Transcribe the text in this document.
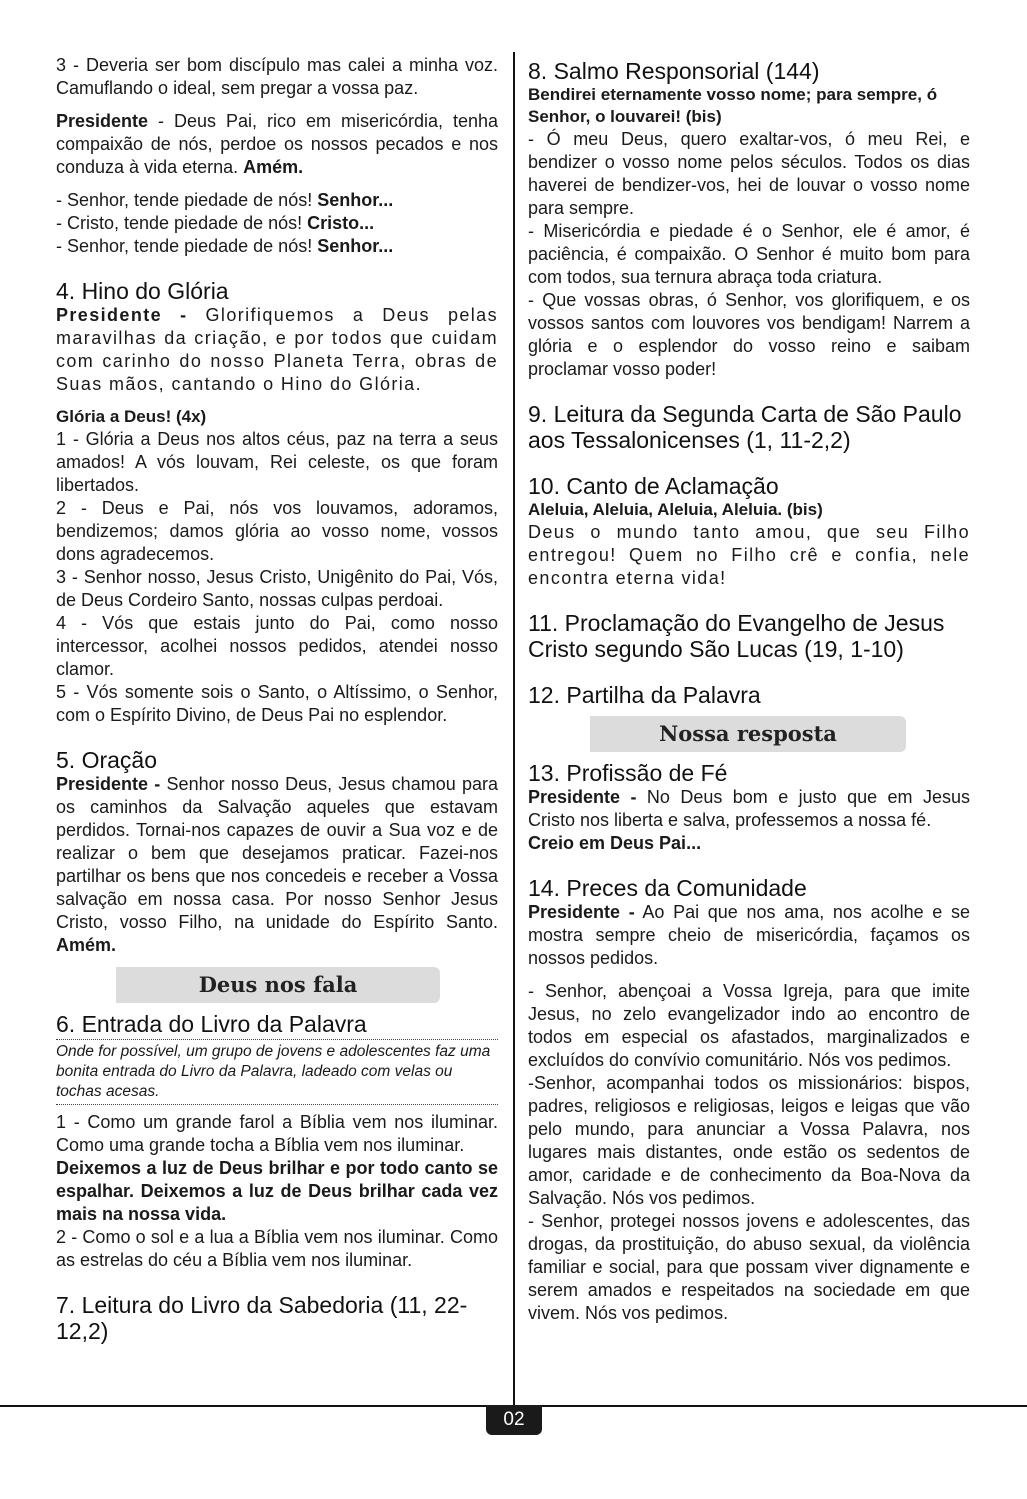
3 - Deveria ser bom discípulo mas calei a minha voz. Camuflando o ideal, sem pregar a vossa paz.

Presidente - Deus Pai, rico em misericórdia, tenha compaixão de nós, perdoe os nossos pecados e nos conduza à vida eterna. Amém.

- Senhor, tende piedade de nós! Senhor...

- Cristo, tende piedade de nós! Cristo...

- Senhor, tende piedade de nós! Senhor...

4. Hino do Glória

Presidente - Glorifiquemos a Deus pelas maravilhas da criação, e por todos que cuidam com carinho do nosso Planeta Terra, obras de Suas mãos, cantando o Hino do Glória.

Glória a Deus! (4x)

1 - Glória a Deus nos altos céus, paz na terra a seus amados! A vós louvam, Rei celeste, os que foram libertados.

2 - Deus e Pai, nós vos louvamos, adoramos, bendizemos; damos glória ao vosso nome, vossos dons agradecemos.

3 - Senhor nosso, Jesus Cristo, Unigênito do Pai, Vós, de Deus Cordeiro Santo, nossas culpas perdoai.

4 - Vós que estais junto do Pai, como nosso intercessor, acolhei nossos pedidos, atendei nosso clamor.

5 - Vós somente sois o Santo, o Altíssimo, o Senhor, com o Espírito Divino, de Deus Pai no esplendor.

5. Oração

Presidente - Senhor nosso Deus, Jesus chamou para os caminhos da Salvação aqueles que estavam perdidos. Tornai-nos capazes de ouvir a Sua voz e de realizar o bem que desejamos praticar. Fazei-nos partilhar os bens que nos concedeis e receber a Vossa salvação em nossa casa. Por nosso Senhor Jesus Cristo, vosso Filho, na unidade do Espírito Santo. Amém.

Deus nos fala
6. Entrada do Livro da Palavra

Onde for possível, um grupo de jovens e adolescentes faz uma bonita entrada do Livro da Palavra, ladeado com velas ou tochas acesas.

1 - Como um grande farol a Bíblia vem nos iluminar. Como uma grande tocha a Bíblia vem nos iluminar.

Deixemos a luz de Deus brilhar e por todo canto se espalhar. Deixemos a luz de Deus brilhar cada vez mais na nossa vida.

2 - Como o sol e a lua a Bíblia vem nos iluminar. Como as estrelas do céu a Bíblia vem nos iluminar.

7. Leitura do Livro da Sabedoria (11, 22-12,2)
8. Salmo Responsorial (144)

Bendirei eternamente vosso nome; para sempre, ó Senhor, o louvarei! (bis)

- Ó meu Deus, quero exaltar-vos, ó meu Rei, e bendizer o vosso nome pelos séculos. Todos os dias haverei de bendizer-vos, hei de louvar o vosso nome para sempre.

- Misericórdia e piedade é o Senhor, ele é amor, é paciência, é compaixão. O Senhor é muito bom para com todos, sua ternura abraça toda criatura.

- Que vossas obras, ó Senhor, vos glorifiquem, e os vossos santos com louvores vos bendigam! Narrem a glória e o esplendor do vosso reino e saibam proclamar vosso poder!

9. Leitura da Segunda Carta de São Paulo aos Tessalonicenses (1, 11-2,2)
10. Canto de Aclamação

Aleluia, Aleluia, Aleluia, Aleluia. (bis)

Deus o mundo tanto amou, que seu Filho entregou! Quem no Filho crê e confia, nele encontra eterna vida!

11. Proclamação do Evangelho de Jesus Cristo segundo São Lucas (19, 1-10)
12. Partilha da Palavra
Nossa resposta
13. Profissão de Fé

Presidente - No Deus bom e justo que em Jesus Cristo nos liberta e salva, professemos a nossa fé.

Creio em Deus Pai...

14. Preces da Comunidade

Presidente - Ao Pai que nos ama, nos acolhe e se mostra sempre cheio de misericórdia, façamos os nossos pedidos.

- Senhor, abençoai a Vossa Igreja, para que imite Jesus, no zelo evangelizador indo ao encontro de todos em especial os afastados, marginalizados e excluídos do convívio comunitário. Nós vos pedimos.

-Senhor, acompanhai todos os missionários: bispos, padres, religiosos e religiosas, leigos e leigas que vão pelo mundo, para anunciar a Vossa Palavra, nos lugares mais distantes, onde estão os sedentos de amor, caridade e de conhecimento da Boa-Nova da Salvação. Nós vos pedimos.

- Senhor, protegei nossos jovens e adolescentes, das drogas, da prostituição, do abuso sexual, da violência familiar e social, para que possam viver dignamente e serem amados e respeitados na sociedade em que vivem. Nós vos pedimos.

02
